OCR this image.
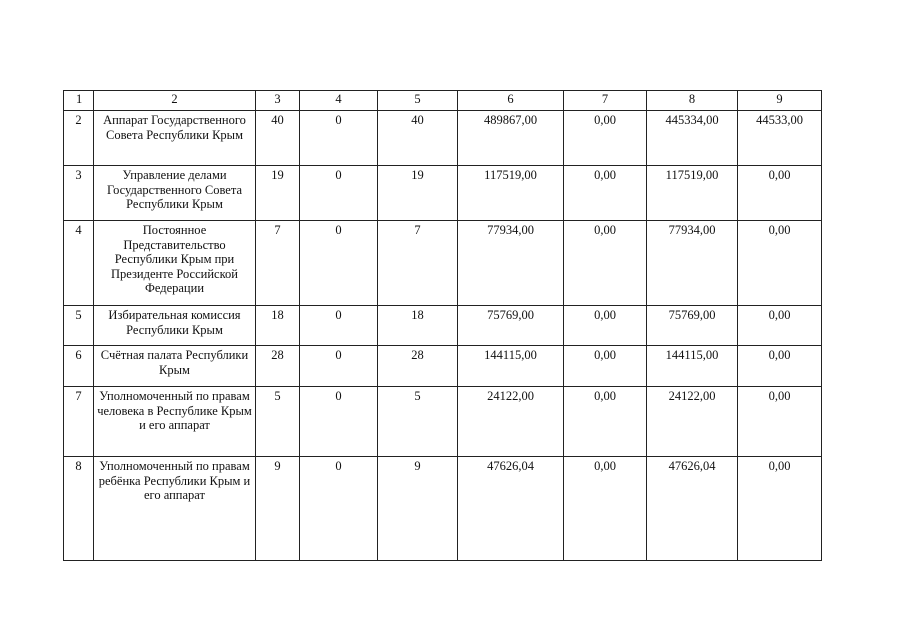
1	2	3	4	5	6	7	8	9
2	Аппарат Государственного Совета Республики Крым	40	0	40	489867,00	0,00	445334,00	44533,00
3	Управление делами Государственного Совета Республики Крым	19	0	19	117519,00	0,00	117519,00	0,00
4	Постоянное Представительство Республики Крым при Президенте Российской Федерации	7	0	7	77934,00	0,00	77934,00	0,00
5	Избирательная комиссия Республики Крым	18	0	18	75769,00	0,00	75769,00	0,00
6	Счётная палата Республики Крым	28	0	28	144115,00	0,00	144115,00	0,00
7	Уполномоченный по правам человека в Республике Крым и его аппарат	5	0	5	24122,00	0,00	24122,00	0,00
8	Уполномоченный по правам ребёнка Республики Крым и его аппарат	9	0	9	47626,04	0,00	47626,04	0,00
